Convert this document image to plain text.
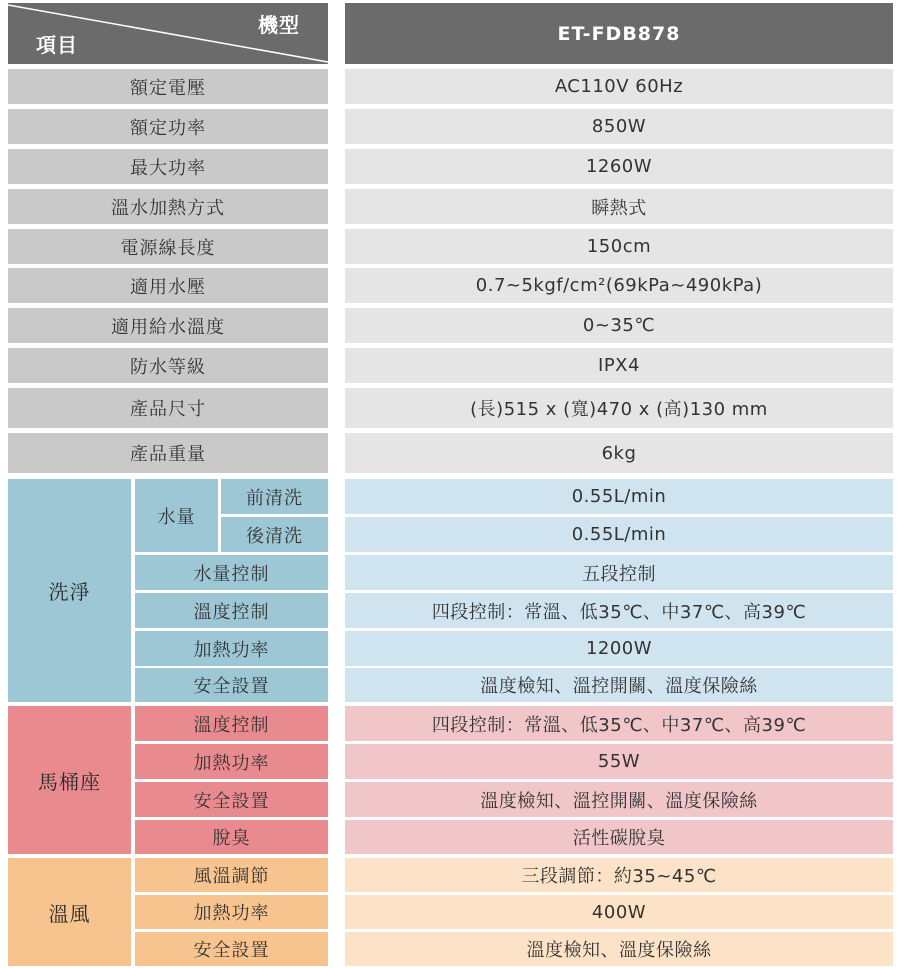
機型
項目	ET-FDB878
額定電壓	AC110V 60Hz
額定功率	850W
最大功率	1260W
溫水加熱方式	瞬熱式
電源線長度	150cm
適用水壓	0.7~5kgf/cm²(69kPa~490kPa)
適用給水溫度	0~35℃
防水等級	IPX4
產品尺寸	(長)515 x (寬)470 x (高)130 mm
產品重量	6kg
洗淨
水量
前清洗	0.55L/min
後清洗	0.55L/min
水量控制	五段控制
溫度控制	四段控制：常溫、低35℃、中37℃、高39℃
加熱功率	1200W
安全設置	溫度檢知、溫控開關、溫度保險絲
馬桶座
溫度控制	四段控制：常溫、低35℃、中37℃、高39℃
加熱功率	55W
安全設置	溫度檢知、溫控開關、溫度保險絲
脫臭	活性碳脫臭
溫風
風溫調節	三段調節：約35~45℃
加熱功率	400W
安全設置	溫度檢知、溫度保險絲
